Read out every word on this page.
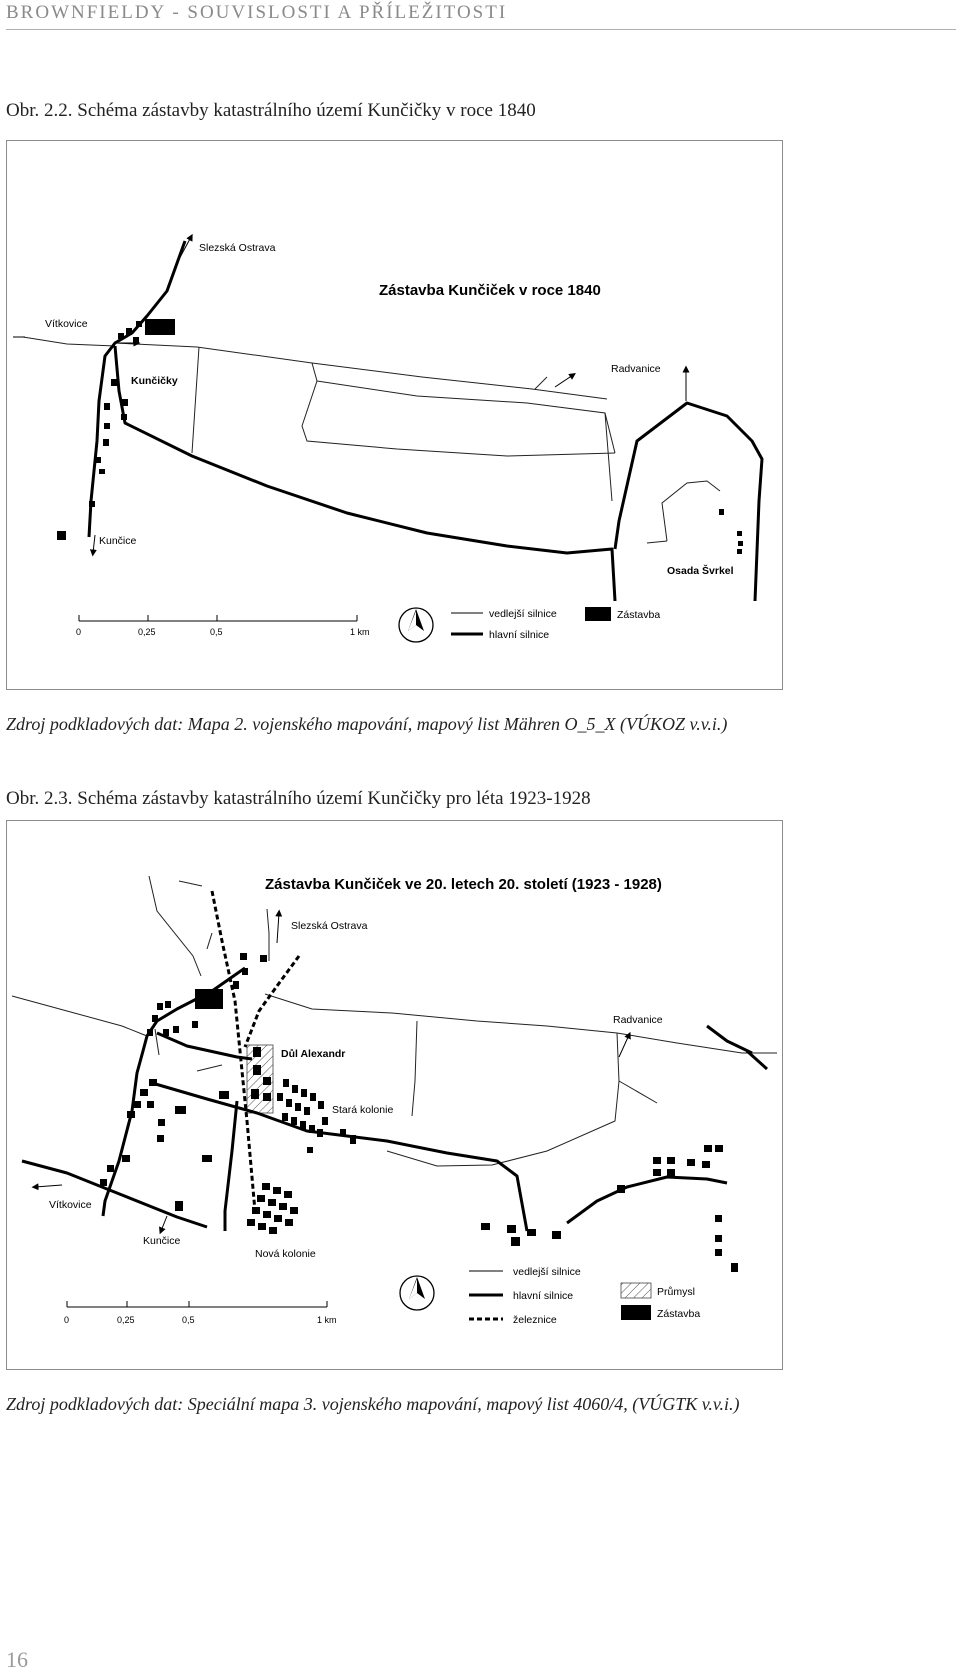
BROWNFIELDY - SOUVISLOSTI A PŘÍLEŽITOSTI
Obr. 2.2. Schéma zástavby katastrálního území Kunčičky v roce 1840
Zástavba Kunčiček v roce 1840
Slezská Ostrava
Vítkovice
Kunčičky
Kunčice
Radvanice
Osada Švrkel
0	0,25	0,5	1 km
vedlejší silnice
hlavní silnice
Zástavba
Zdroj podkladových dat: Mapa 2. vojenského mapování, mapový list Mähren O_5_X (VÚKOZ v.v.i.)
Obr. 2.3. Schéma zástavby katastrálního území Kunčičky pro léta 1923-1928
Zástavba Kunčiček ve 20. letech 20. století (1923 - 1928)
Slezská Ostrava
Důl Alexandr
Stará kolonie
Radvanice
Vítkovice
Kunčice
Nová kolonie
0	0,25	0,5	1 km
vedlejší silnice
hlavní silnice
železnice
Průmysl
Zástavba
Zdroj podkladových dat: Speciální mapa 3. vojenského mapování, mapový list 4060/4, (VÚGTK v.v.i.)
16
